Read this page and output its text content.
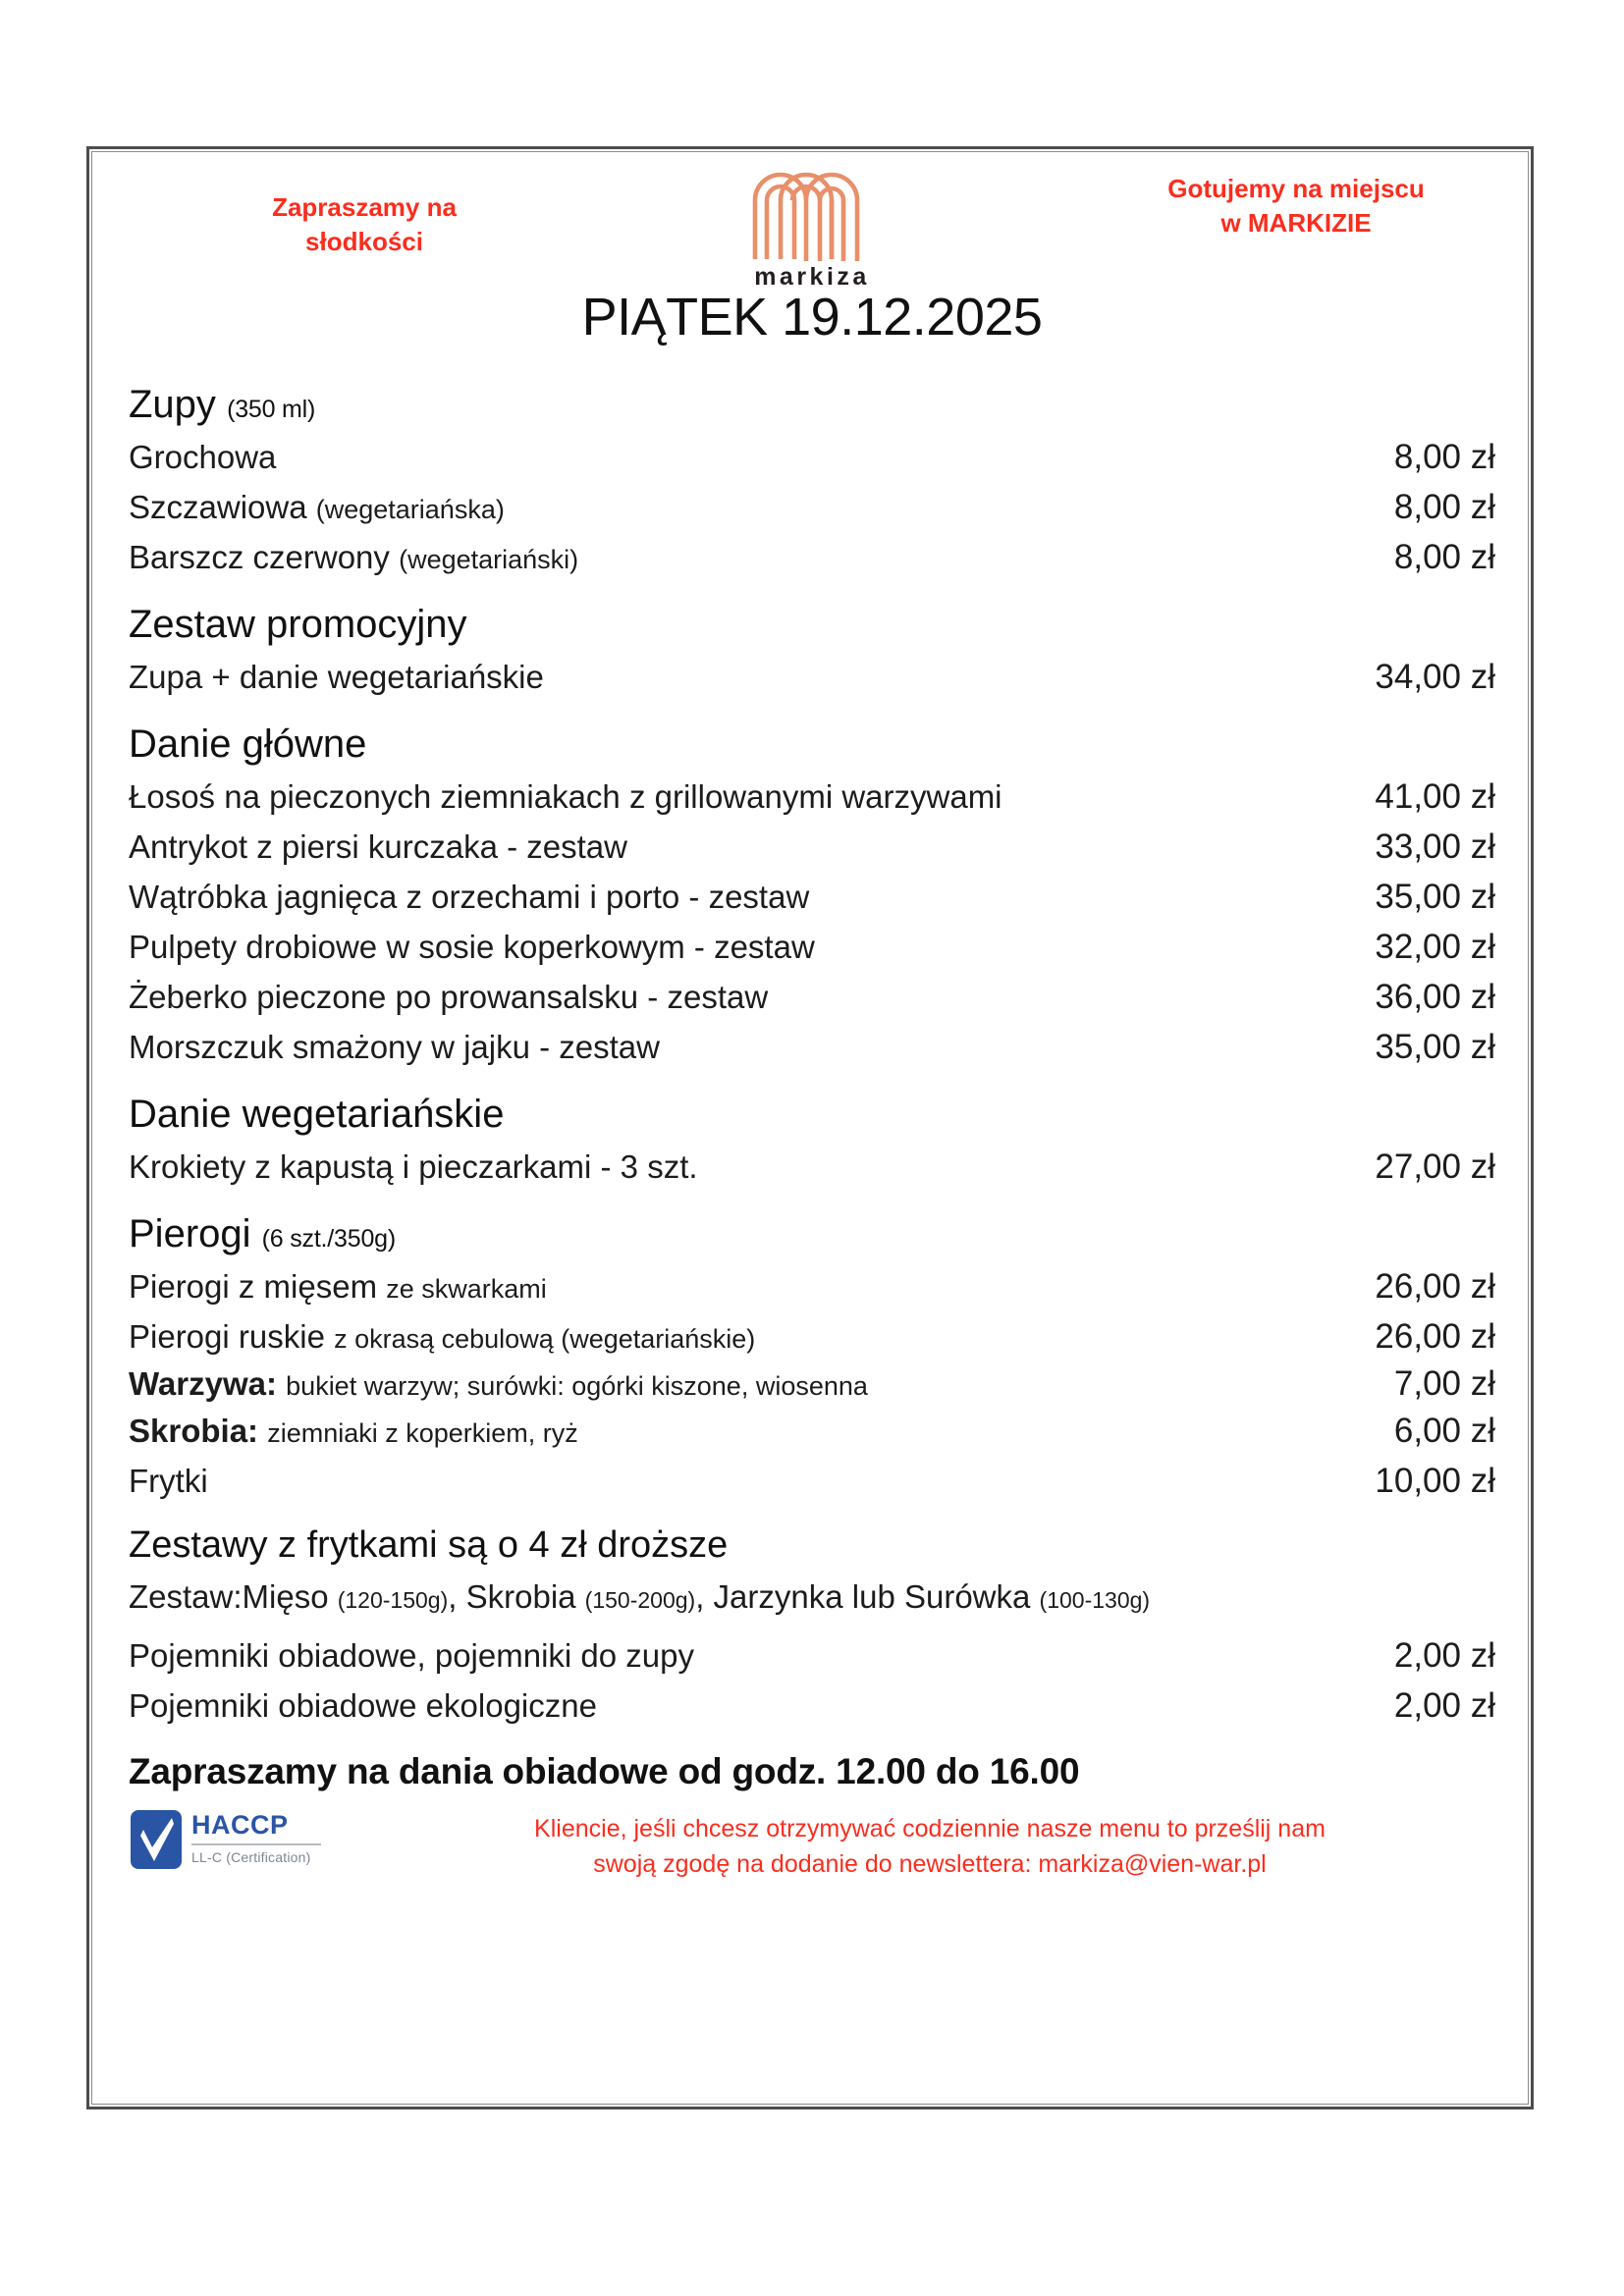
Zapraszamy na
słodkości
markiza
Gotujemy na miejscu
w MARKIZIE
PIĄTEK 19.12.2025
Zupy (350 ml)
Grochowa	8,00 zł
Szczawiowa (wegetariańska)	8,00 zł
Barszcz czerwony (wegetariański)	8,00 zł
Zestaw promocyjny
Zupa + danie wegetariańskie	34,00 zł
Danie główne
Łosoś na pieczonych ziemniakach z grillowanymi warzywami	41,00 zł
Antrykot z piersi kurczaka - zestaw	33,00 zł
Wątróbka jagnięca z orzechami i porto - zestaw	35,00 zł
Pulpety drobiowe w sosie koperkowym - zestaw	32,00 zł
Żeberko pieczone po prowansalsku - zestaw	36,00 zł
Morszczuk smażony w jajku - zestaw	35,00 zł
Danie wegetariańskie
Krokiety z kapustą i pieczarkami - 3 szt.	27,00 zł
Pierogi (6 szt./350g)
Pierogi z mięsem ze skwarkami	26,00 zł
Pierogi ruskie z okrasą cebulową (wegetariańskie)	26,00 zł
Warzywa: bukiet warzyw; surówki: ogórki kiszone, wiosenna	7,00 zł
Skrobia: ziemniaki z koperkiem, ryż	6,00 zł
Frytki	10,00 zł
Zestawy z frytkami są o 4 zł droższe
Zestaw:Mięso (120-150g), Skrobia (150-200g), Jarzynka lub Surówka (100-130g)
Pojemniki obiadowe, pojemniki do zupy	2,00 zł
Pojemniki obiadowe ekologiczne	2,00 zł
Zapraszamy na dania obiadowe od godz. 12.00 do 16.00
HACCP
LL-C (Certification)
Kliencie, jeśli chcesz otrzymywać codziennie nasze menu to prześlij nam
swoją zgodę na dodanie do newslettera: markiza@vien-war.pl
